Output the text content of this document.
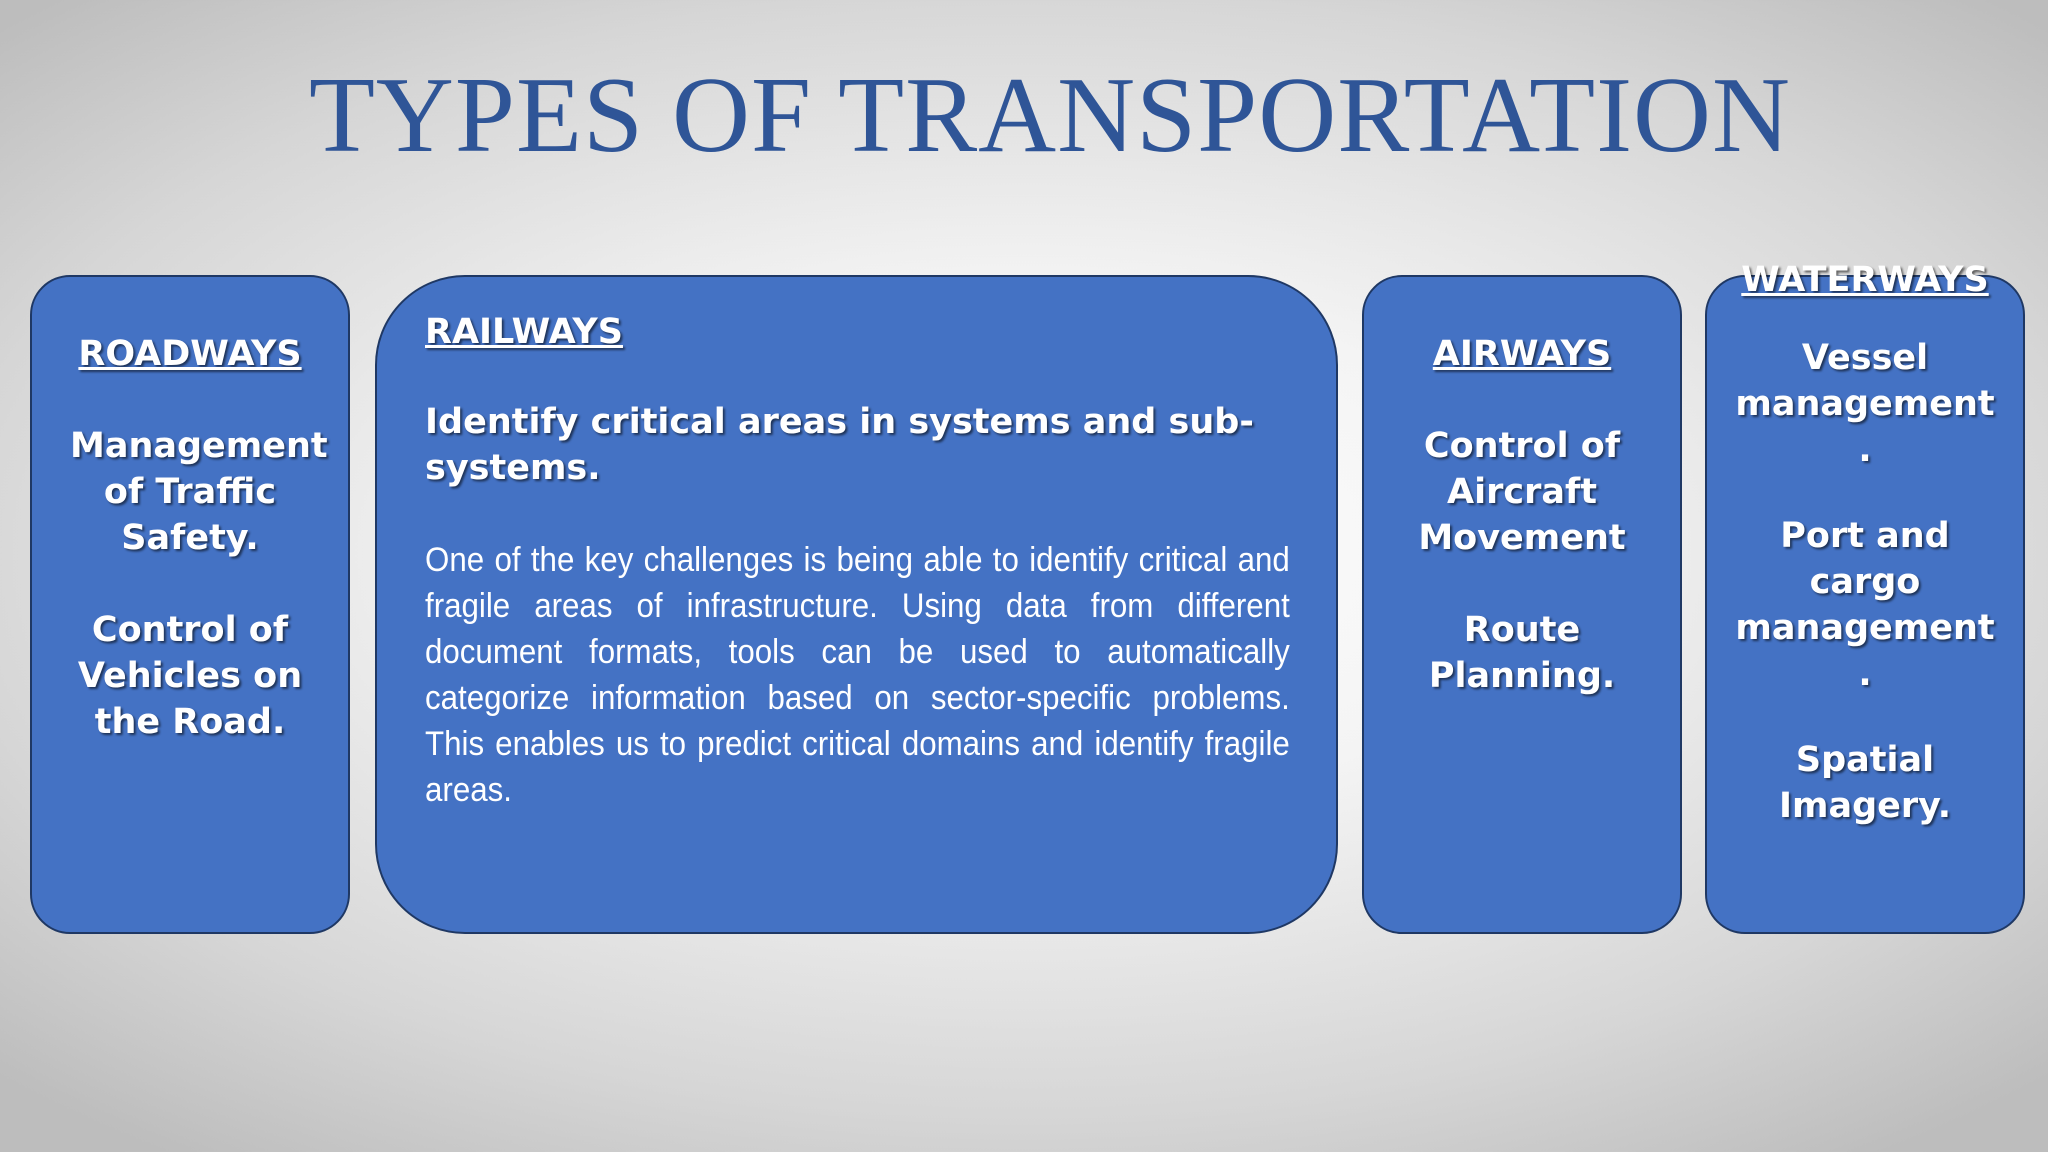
TYPES OF TRANSPORTATION
ROADWAYS
Management of Traffic Safety.
Control of Vehicles on the Road.
RAILWAYS
Identify critical areas in systems and sub-systems.
One of the key challenges is being able to identify critical and fragile areas of infrastructure. Using data from different document formats, tools can be used to automatically categorize information based on sector-specific problems. This enables us to predict critical domains and identify fragile areas.
AIRWAYS
Control of Aircraft Movement
Route Planning.
WATERWAYS
Vessel management
.
Port and cargo management
.
Spatial Imagery.
